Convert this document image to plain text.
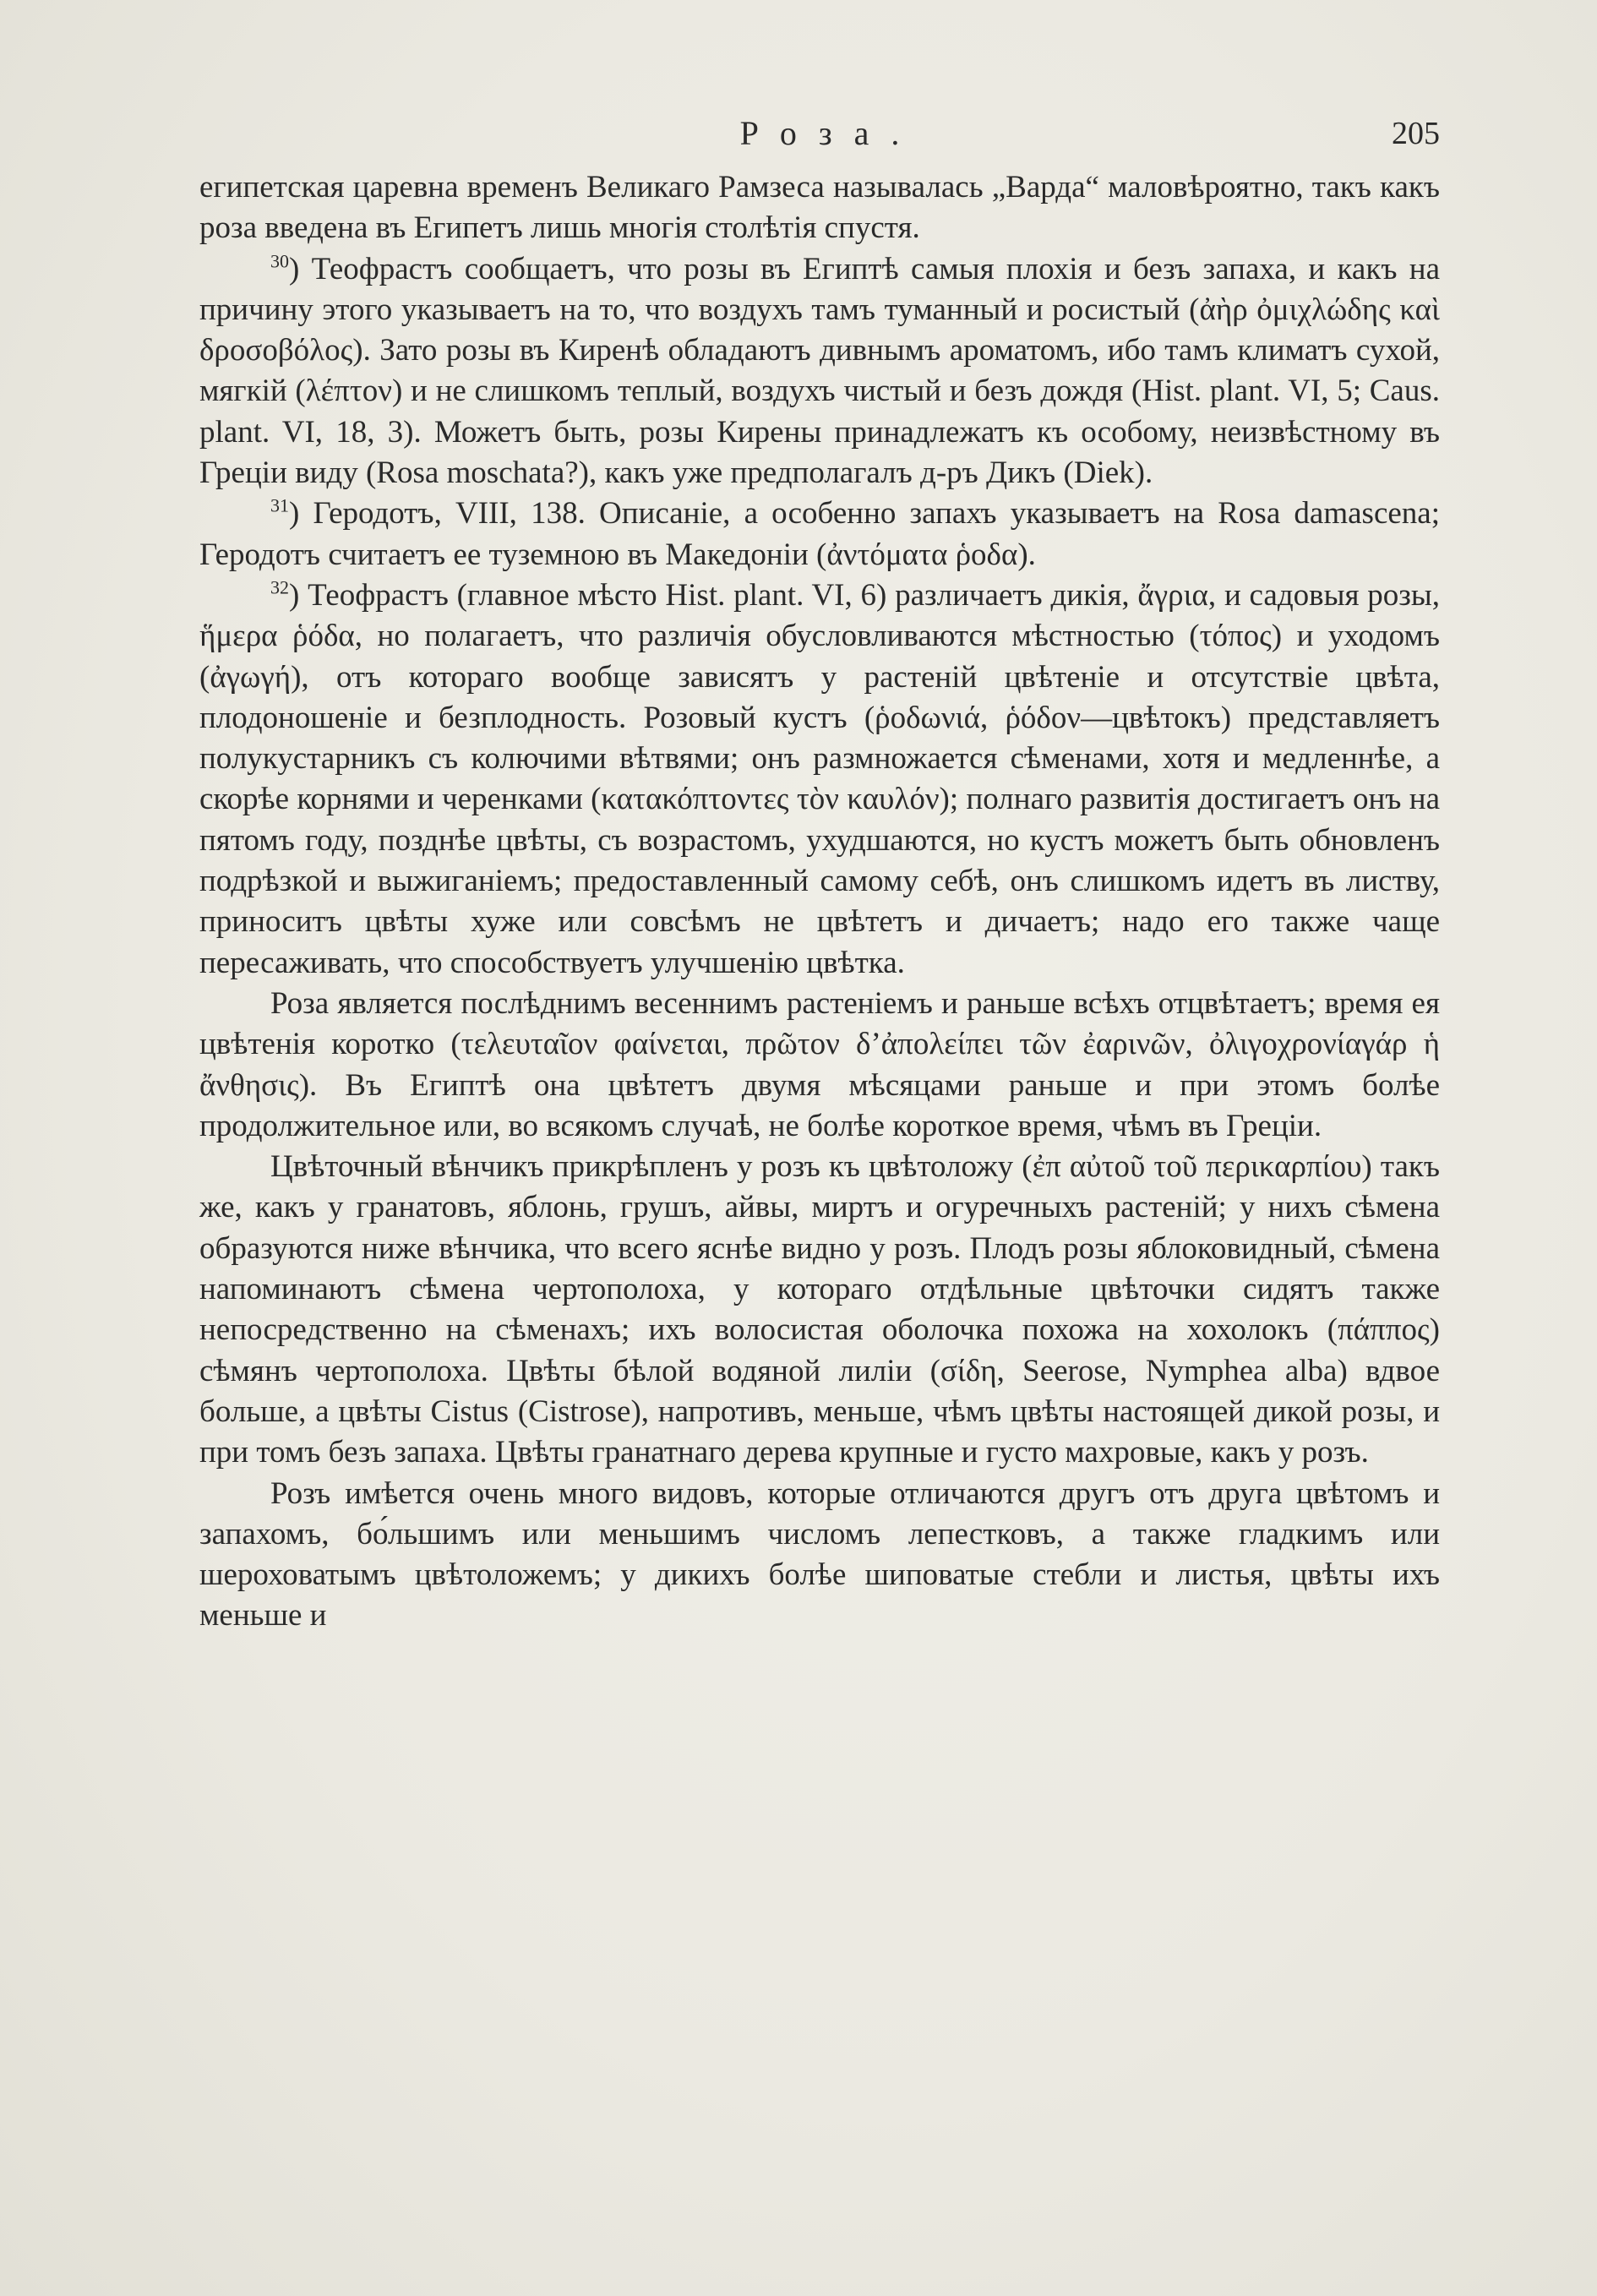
Роза.	205

египетская царевна временъ Великаго Рамзеса называлась „Варда“ маловѣроятно, такъ какъ роза введена въ Египетъ лишь многія столѣтія спустя.

$^{30}$) Теофрастъ сообщаетъ, что розы въ Египтѣ самыя плохія и безъ запаха, и какъ на причину этого указываетъ на то, что воздухъ тамъ туманный и росистый (ἀὴρ ὀμιχλώδης καὶ δροσοβόλος). Зато розы въ Киренѣ обладаютъ дивнымъ ароматомъ, ибо тамъ климатъ сухой, мягкій (λέπτον) и не слишкомъ теплый, воздухъ чистый и безъ дождя (Hist. plant. VI, 5; Caus. plant. VI, 18, 3). Можетъ быть, розы Кирены принадлежатъ къ особому, неизвѣстному въ Греціи виду (Rosa moschata?), какъ уже предполагалъ д-ръ Дикъ (Diek).

$^{31}$) Геродотъ, VIII, 138. Описаніе, а особенно запахъ указываетъ на Rosa damascena; Геродотъ считаетъ ее туземною въ Македоніи (ἀντόματα ῥοδα).

$^{32}$) Теофрастъ (главное мѣсто Hist. plant. VI, 6) различаетъ дикія, ἄγρια, и садовыя розы, ἥμερα ῥόδα, но полагаетъ, что различія обусловливаются мѣстностью (τόπος) и уходомъ (ἀγωγή), отъ котораго вообще зависятъ у растеній цвѣтеніе и отсутствіе цвѣта, плодоношеніе и безплодность. Розовый кустъ (ῥοδωνιά, ῥόδον—цвѣтокъ) представляетъ полукустарникъ съ колючими вѣтвями; онъ размножается сѣменами, хотя и медленнѣе, а скорѣе корнями и черенками (κατακόπτοντες τὸν καυλόν); полнаго развитія достигаетъ онъ на пятомъ году, позднѣе цвѣты, съ возрастомъ, ухудшаются, но кустъ можетъ быть обновленъ подрѣзкой и выжиганіемъ; предоставленный самому себѣ, онъ слишкомъ идетъ въ листву, приноситъ цвѣты хуже или совсѣмъ не цвѣтетъ и дичаетъ; надо его также чаще пересаживать, что способствуетъ улучшенію цвѣтка.

Роза является послѣднимъ весеннимъ растеніемъ и раньше всѣхъ отцвѣтаетъ; время ея цвѣтенія коротко (τελευταῖον φαίνεται, πρῶτον δ’ἀπολείπει τῶν ἐαρινῶν, ὀλιγοχρονίαγάρ ἡ ἄνθησις). Въ Египтѣ она цвѣтетъ двумя мѣсяцами раньше и при этомъ болѣе продолжительное или, во всякомъ случаѣ, не болѣе короткое время, чѣмъ въ Греціи.

Цвѣточный вѣнчикъ прикрѣпленъ у розъ къ цвѣтоложу (ἐπ αὐτοῦ τοῦ περικαρπίου) такъ же, какъ у гранатовъ, яблонь, грушъ, айвы, миртъ и огуречныхъ растеній; у нихъ сѣмена образуются ниже вѣнчика, что всего яснѣе видно у розъ. Плодъ розы яблоковидный, сѣмена напоминаютъ сѣмена чертополоха, у котораго отдѣльные цвѣточки сидятъ также непосредственно на сѣменахъ; ихъ волосистая оболочка похожа на хохолокъ (πάππος) сѣмянъ чертополоха. Цвѣты бѣлой водяной лиліи (σίδη, Seerose, Nymphea alba) вдвое больше, а цвѣты Cistus (Cistrose), напротивъ, меньше, чѣмъ цвѣты настоящей дикой розы, и при томъ безъ запаха. Цвѣты гранатнаго дерева крупные и густо махровые, какъ у розъ.

Розъ имѣется очень много видовъ, которые отличаются другъ отъ друга цвѣтомъ и запахомъ, бо́льшимъ или меньшимъ числомъ лепестковъ, а также гладкимъ или шероховатымъ цвѣтоложемъ; у дикихъ болѣе шиповатые стебли и листья, цвѣты ихъ меньше и
